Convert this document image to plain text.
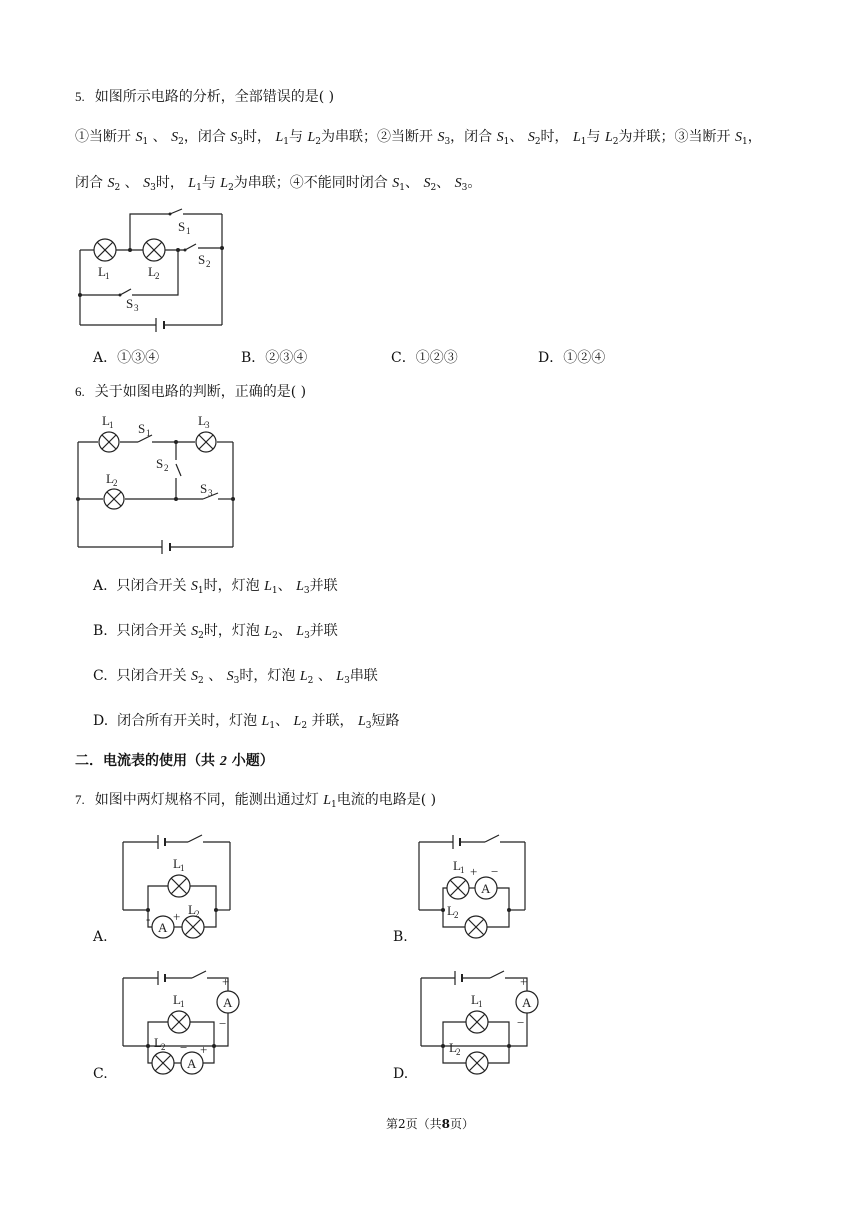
5. 如图所示电路的分析，全部错误的是( )
①当断开 $S_1$ 、 $S_2$，闭合 $S_3$时， $L_1$与 $L_2$为串联；②当断开 $S_3$，闭合 $S_1$、 $S_2$时， $L_1$与 $L_2$为并联；③当断开 $S_1$，
闭合 $S_2$ 、 $S_3$时， $L_1$与 $L_2$为串联；④不能同时闭合 $S_1$、 $S_2$、 $S_3$。
S 1
S 2
L 1	L 2
S 3
A．①③④	B．②③④	C．①②③	D．①②④
6. 关于如图电路的判断，正确的是( )
L 1 S 1
L 3
S 2
L 2	S 3
A.  只闭合开关 $S_1$时，灯泡 $L_1$、 $L_3$并联
B.  只闭合开关 $S_2$时，灯泡 $L_2$、 $L_3$并联
C.  只闭合开关 $S_2$ 、 $S_3$时，灯泡 $L_2$ 、 $L_3$串联
D.  闭合所有开关时，灯泡 $L_1$、 $L_2$ 并联， $L_3$短路
二．电流表的使用（共 2 小题）
7. 如图中两灯规格不同，能测出通过灯 $L_1$电流的电路是( )
L 1
L 2
A
- +
A.
L 1 + −
A
L 2
B.
+
A
−
L 1
L 2 − +
A
C.
+
A
−
L 1
L 2
D.
第2页（共8页）
